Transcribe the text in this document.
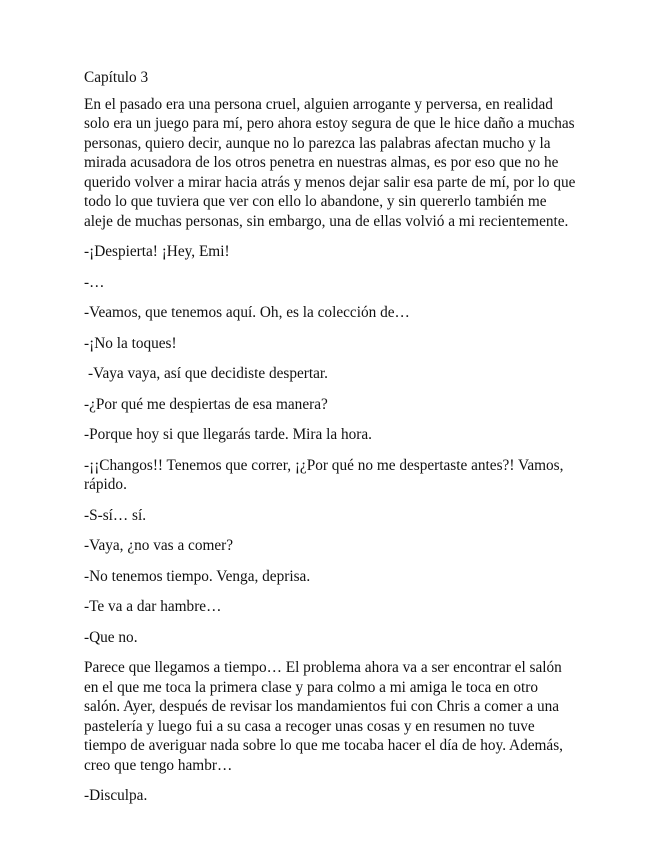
Capítulo 3

En el pasado era una persona cruel, alguien arrogante y perversa, en realidad solo era un juego para mí, pero ahora estoy segura de que le hice daño a muchas personas, quiero decir, aunque no lo parezca las palabras afectan mucho y la mirada acusadora de los otros penetra en nuestras almas, es por eso que no he querido volver a mirar hacia atrás y menos dejar salir esa parte de mí, por lo que todo lo que tuviera que ver con ello lo abandone, y sin quererlo también me aleje de muchas personas, sin embargo, una de ellas volvió a mi recientemente.

-¡Despierta! ¡Hey, Emi!

-…

-Veamos, que tenemos aquí. Oh, es la colección de…

-¡No la toques!

-Vaya vaya, así que decidiste despertar.

-¿Por qué me despiertas de esa manera?

-Porque hoy si que llegarás tarde. Mira la hora.

-¡¡Changos!! Tenemos que correr, ¡¿Por qué no me despertaste antes?! Vamos, rápido.

-S-sí… sí.

-Vaya, ¿no vas a comer?

-No tenemos tiempo. Venga, deprisa.

-Te va a dar hambre…

-Que no.

Parece que llegamos a tiempo… El problema ahora va a ser encontrar el salón en el que me toca la primera clase y para colmo a mi amiga le toca en otro salón. Ayer, después de revisar los mandamientos fui con Chris a comer a una pastelería y luego fui a su casa a recoger unas cosas y en resumen no tuve tiempo de averiguar nada sobre lo que me tocaba hacer el día de hoy. Además, creo que tengo hambr…

-Disculpa.
